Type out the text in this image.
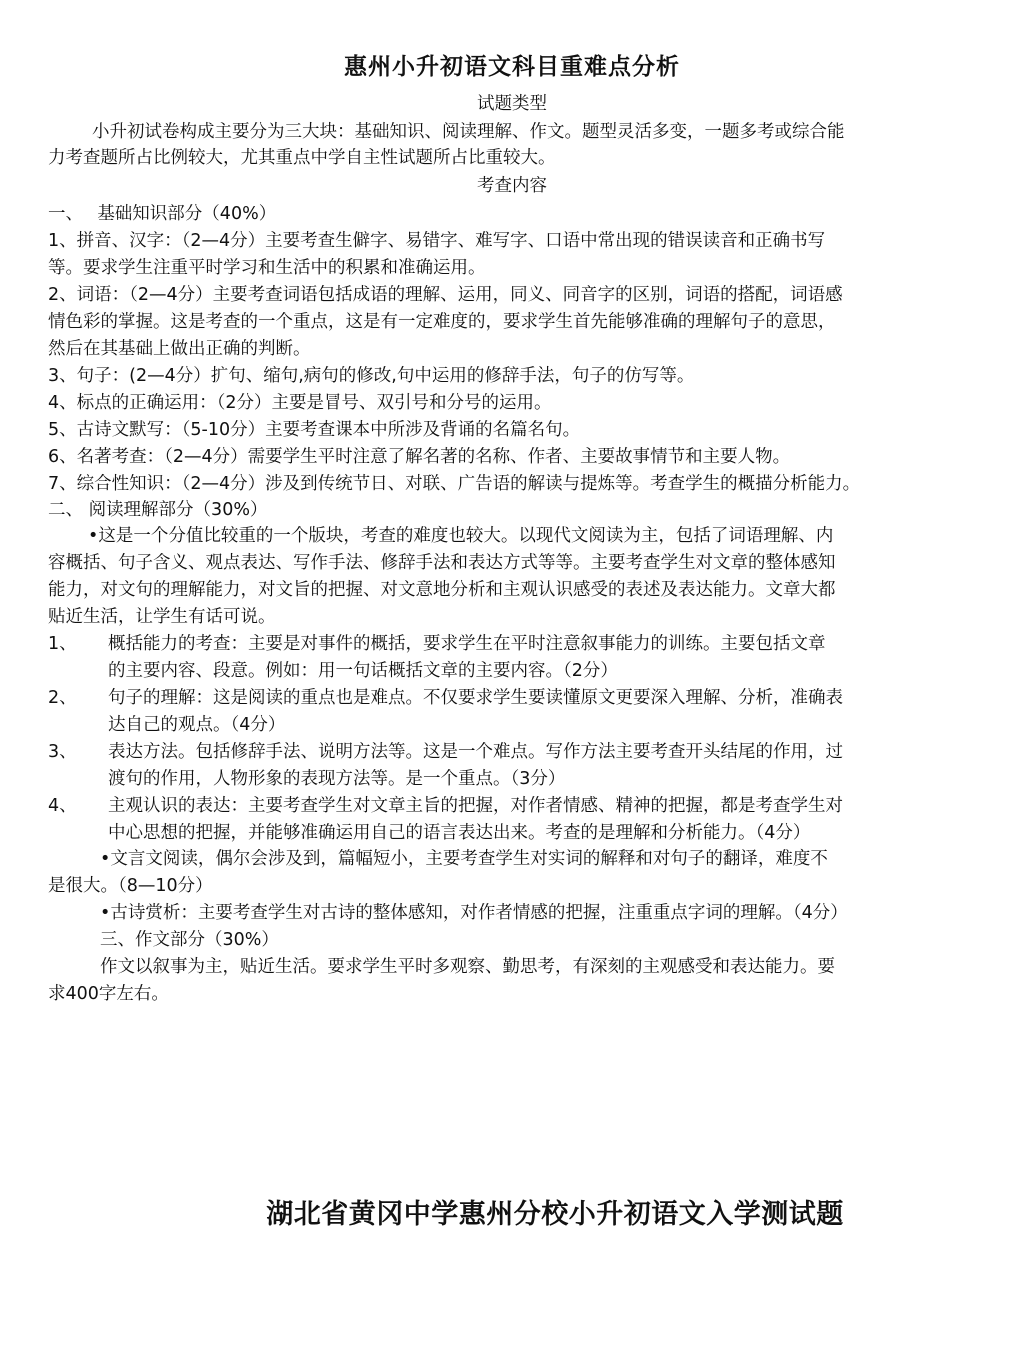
惠州小升初语文科目重难点分析
试题类型
小升初试卷构成主要分为三大块：基础知识、阅读理解、作文。题型灵活多变，一题多考或综合能
力考查题所占比例较大，尤其重点中学自主性试题所占比重较大。
考查内容
一、　 基础知识部分（40%）
1、拼音、汉字：（2—4分）主要考查生僻字、易错字、难写字、口语中常出现的错误读音和正确书写
等。要求学生注重平时学习和生活中的积累和准确运用。
2、词语：（2—4分）主要考查词语包括成语的理解、运用，同义、同音字的区别，词语的搭配，词语感
情色彩的掌握。这是考查的一个重点，这是有一定难度的，要求学生首先能够准确的理解句子的意思，
然后在其基础上做出正确的判断。
3、句子：(2—4分）扩句、缩句,病句的修改,句中运用的修辞手法，句子的仿写等。
4、标点的正确运用：（2分）主要是冒号、双引号和分号的运用。
5、古诗文默写：（5-10分）主要考查课本中所涉及背诵的名篇名句。
6、名著考查：（2—4分）需要学生平时注意了解名著的名称、作者、主要故事情节和主要人物。
7、综合性知识：（2—4分）涉及到传统节日、对联、广告语的解读与提炼等。考查学生的概描分析能力。
二、 阅读理解部分（30%）
•这是一个分值比较重的一个版块，考查的难度也较大。以现代文阅读为主，包括了词语理解、内
容概括、句子含义、观点表达、写作手法、修辞手法和表达方式等等。主要考查学生对文章的整体感知
能力，对文句的理解能力，对文旨的把握、对文意地分析和主观认识感受的表述及表达能力。文章大都
贴近生活，让学生有话可说。
1、 概括能力的考查：主要是对事件的概括，要求学生在平时注意叙事能力的训练。主要包括文章
的主要内容、段意。例如：用一句话概括文章的主要内容。（2分）
2、 句子的理解：这是阅读的重点也是难点。不仅要求学生要读懂原文更要深入理解、分析，准确表
达自己的观点。（4分）
3、 表达方法。包括修辞手法、说明方法等。这是一个难点。写作方法主要考查开头结尾的作用，过
渡句的作用，人物形象的表现方法等。是一个重点。（3分）
4、 主观认识的表达：主要考查学生对文章主旨的把握，对作者情感、精神的把握，都是考查学生对
中心思想的把握，并能够准确运用自己的语言表达出来。考查的是理解和分析能力。（4分）
•文言文阅读，偶尔会涉及到，篇幅短小，主要考查学生对实词的解释和对句子的翻译，难度不
是很大。（8—10分）
•古诗赏析：主要考查学生对古诗的整体感知，对作者情感的把握，注重重点字词的理解。（4分）
三、作文部分（30%）
作文以叙事为主，贴近生活。要求学生平时多观察、勤思考，有深刻的主观感受和表达能力。要
求400字左右。
湖北省黄冈中学惠州分校小升初语文入学测试题
